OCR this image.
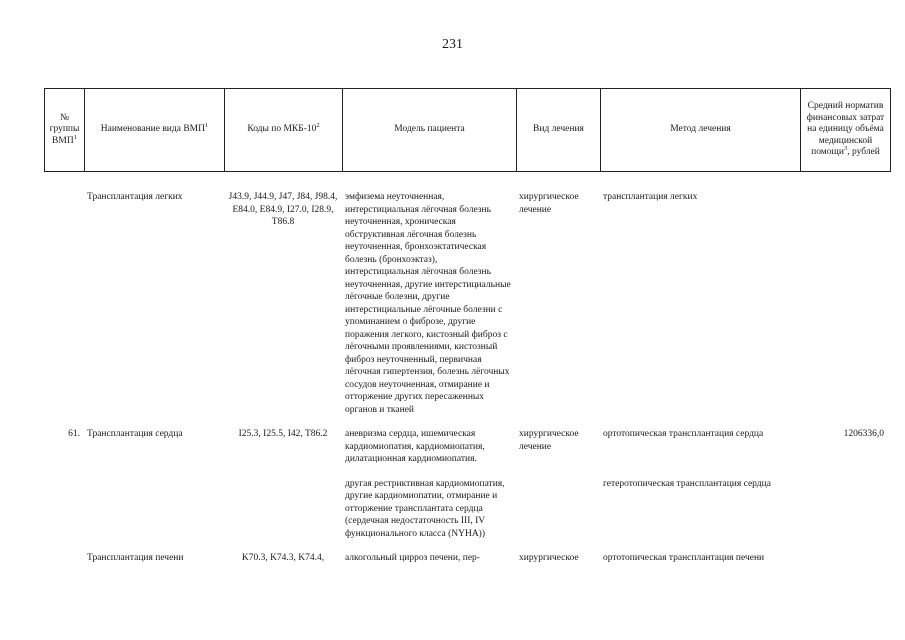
231
№ группы ВМП$^1$	Наименование вида ВМП$^1$	Коды по МКБ-$10^2$	Модель пациента	Вид лечения	Метод лечения	Средний норматив финансовых затрат на единицу объёма медицинской помощи$^3$, рублей
	Трансплантация легких	J43.9, J44.9, J47, J84, J98.4, E84.0, E84.9, I27.0, I28.9, T86.8	эмфизема неуточненная, интерстициальная лёгочная болезнь неуточненная, хроническая обструктивная лёгочная болезнь неуточненная, бронхоэктатическая болезнь (бронхоэктаз), интерстициальная лёгочная болезнь неуточненная, другие интерстициальные лёгочные болезни, другие интерстициальные лёгочные болезни с упоминанием о фиброзе, другие поражения легкого, кистозный фиброз с лёгочными проявлениями, кистозный фиброз неуточненный, первичная лёгочная гипертензия, болезнь лёгочных сосудов неуточненная, отмирание и отторжение других пересаженных органов и тканей	хирургическое лечение	трансплантация легких	

61.	Трансплантация сердца	I25.3, I25.5, I42, T86.2	аневризма сердца, ишемическая кардиомиопатия, кардиомиопатия, дилатационная кардиомиопатия.	хирургическое лечение	ортотопическая трансплантация сердца	1206336,0

			другая рестриктивная кардиомиопатия, другие кардиомиопатии, отмирание и отторжение трансплантата сердца (сердечная недостаточность III, IV функционального класса (NYHA))		гетеротопическая трансплантация сердца	

	Трансплантация печени	K70.3, K74.3, K74.4,	алкогольный цирроз печени, пер-	хирургическое	ортотопическая трансплантация печени	
